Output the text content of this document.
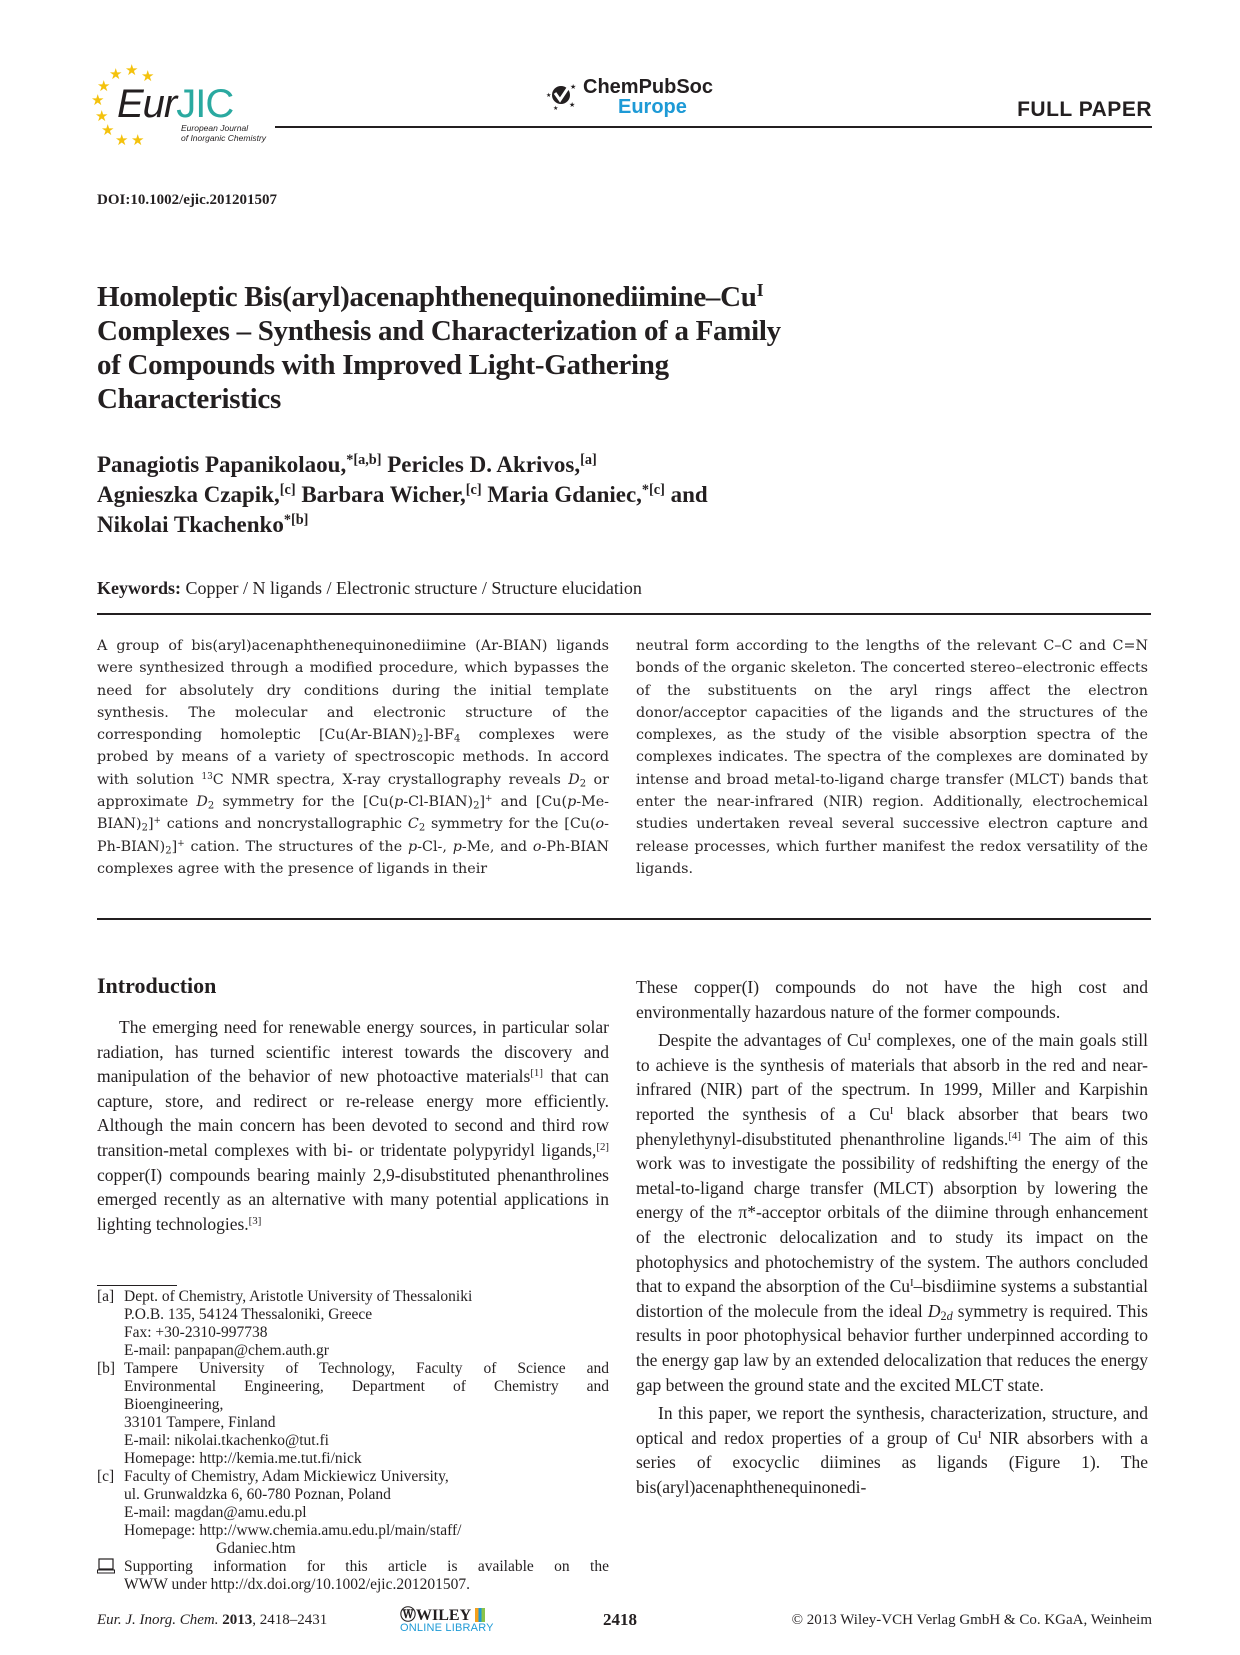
★ ★ ★
★
★
★
★
★ ★
EurJIC
European Journal
of Inorganic Chemistry
★
★
★
★ ChemPubSoc
Europe	FULL PAPER
DOI:10.1002/ejic.201201507
Homoleptic $Bis(aryl)acenaphthenequinonediimine-Cu^I$
Complexes – Synthesis and Characterization of a Family
of Compounds with Improved Light-Gathering
Characteristics
Panagiotis Papanikolaou,$^{*[a,b]}$ Pericles D. Akrivos,[a]
Agnieszka Czapik,[c] Barbara Wicher,[c] Maria Gdaniec,$^{*[c]}$ and
Nikolai Tkachenko$^{*[b]}$
Keywords: Copper / N ligands / Electronic structure / Structure elucidation
A group of bis(aryl)acenaphthenequinonediimine (Ar-BIAN) ligands were synthesized through a modified procedure, which bypasses the need for absolutely dry conditions during the initial template synthesis. The molecular and electronic structure of the corresponding homoleptic $[Cu(Ar-BIAN)_2]-BF_4$ complexes were probed by means of a variety of spectroscopic methods. In accord with solution $^{13}$C NMR spectra, X-ray crystallography reveals $D_2$ or approximate $D_2$ symmetry for the $[Cu(p-Cl-BIAN)_2]^+$ and $[Cu(p-Me-BIAN)_2]^+$ cations and noncrystallographic $C_2$ symmetry for the $[Cu(o-Ph-BIAN)_2]^+$ cation. The structures of the p-Cl-, p-Me, and o-Ph-BIAN complexes agree with the presence of ligands in their
neutral form according to the lengths of the relevant C–C and C=N bonds of the organic skeleton. The concerted stereo–electronic effects of the substituents on the aryl rings affect the electron donor/acceptor capacities of the ligands and the structures of the complexes, as the study of the visible absorption spectra of the complexes indicates. The spectra of the complexes are dominated by intense and broad metal-to-ligand charge transfer (MLCT) bands that enter the near-infrared (NIR) region. Additionally, electrochemical studies undertaken reveal several successive electron capture and release processes, which further manifest the redox versatility of the ligands.
Introduction

The emerging need for renewable energy sources, in particular solar radiation, has turned scientific interest towards the discovery and manipulation of the behavior of new photoactive materials[1] that can capture, store, and redirect or re-release energy more efficiently. Although the main concern has been devoted to second and third row transition-metal complexes with bi- or tridentate polypyridyl ligands,[2] copper(I) compounds bearing mainly 2,9-disubstituted phenanthrolines emerged recently as an alternative with many potential applications in lighting technologies.[3]

These copper(I) compounds do not have the high cost and environmentally hazardous nature of the former compounds.

Despite the advantages of $Cu^I$ complexes, one of the main goals still to achieve is the synthesis of materials that absorb in the red and near-infrared (NIR) part of the spectrum. In 1999, Miller and Karpishin reported the synthesis of a $Cu^I$ black absorber that bears two phenylethynyl-disubstituted phenanthroline ligands.[4] The aim of this work was to investigate the possibility of redshifting the energy of the metal-to-ligand charge transfer (MLCT) absorption by lowering the energy of the π*-acceptor orbitals of the diimine through enhancement of the electronic delocalization and to study its impact on the photophysics and photochemistry of the system. The authors concluded that to expand the absorption of the $Cu^I$–bisdiimine systems a substantial distortion of the molecule from the ideal $D_{2d}$ symmetry is required. This results in poor photophysical behavior further underpinned according to the energy gap law by an extended delocalization that reduces the energy gap between the ground state and the excited MLCT state.

In this paper, we report the synthesis, characterization, structure, and optical and redox properties of a group of $Cu^I$ NIR absorbers with a series of exocyclic diimines as ligands (Figure 1). The bis(aryl)acenaphthenequinonedi-

[a] Dept. of Chemistry, Aristotle University of Thessaloniki
P.O.B. 135, 54124 Thessaloniki, Greece
Fax: +30-2310-997738
E-mail: panpapan@chem.auth.gr
[b] Tampere University of Technology, Faculty of Science and
Environmental Engineering, Department of Chemistry and
Bioengineering,
33101 Tampere, Finland
E-mail: nikolai.tkachenko@tut.fi
Homepage: http://kemia.me.tut.fi/nick
[c] Faculty of Chemistry, Adam Mickiewicz University,
ul. Grunwaldzka 6, 60-780 Poznan, Poland
E-mail: magdan@amu.edu.pl
Homepage: http://www.chemia.amu.edu.pl/main/staff/
Gdaniec.htm
Supporting information for this article is available on the
WWW under http://dx.doi.org/10.1002/ejic.201201507.
Eur. J. Inorg. Chem. 2013, 2418–2431	ⓌWILEY
ONLINE LIBRARY	2418	© 2013 Wiley-VCH Verlag GmbH & Co. KGaA, Weinheim
